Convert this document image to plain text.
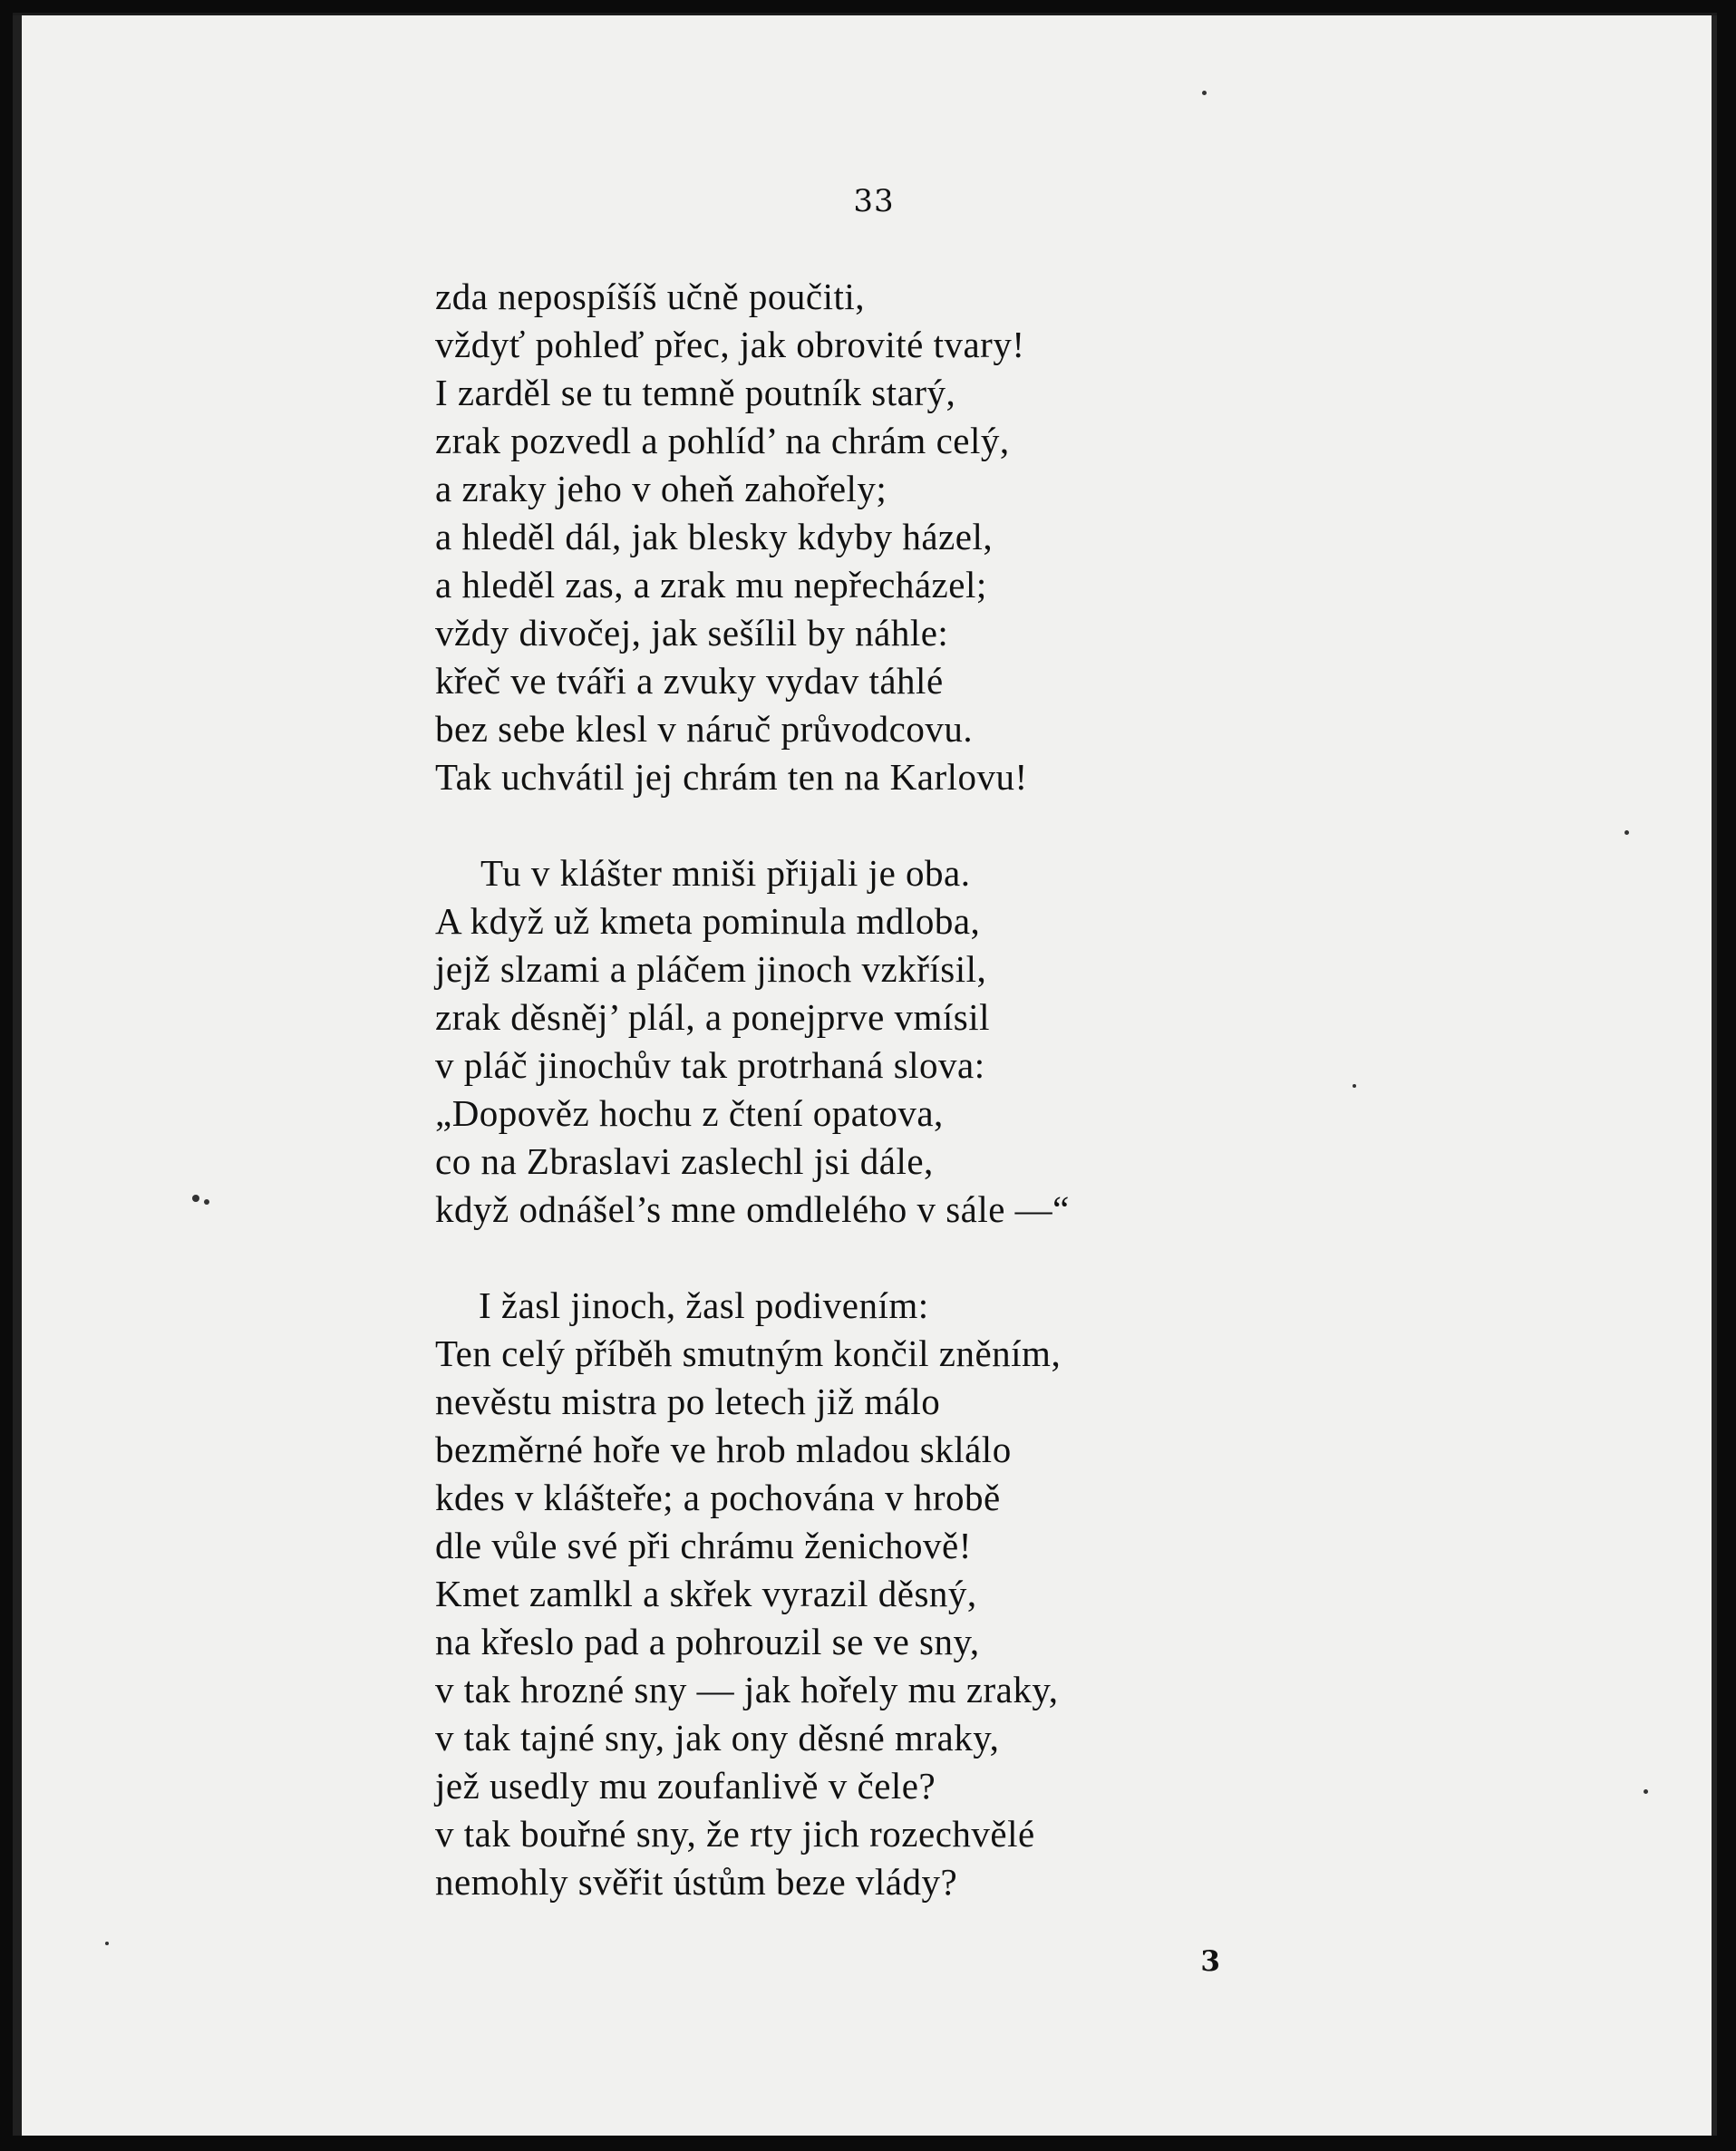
33
zda nepospíšíš učně poučiti,
vždyť pohleď přec, jak obrovité tvary!
I zarděl se tu temně poutník starý,
zrak pozvedl a pohlíd’ na chrám celý,
a zraky jeho v oheň zahořely;
a hleděl dál, jak blesky kdyby házel,
a hleděl zas, a zrak mu nepřecházel;
vždy divočej, jak sešílil by náhle:
křeč ve tváři a zvuky vydav táhlé
bez sebe klesl v náruč průvodcovu.
Tak uchvátil jej chrám ten na Karlovu!
Tu v klášter mniši přijali je oba.
A když už kmeta pominula mdloba,
jejž slzami a pláčem jinoch vzkřísil,
zrak děsněj’ plál, a ponejprve vmísil
v pláč jinochův tak protrhaná slova:
„Dopověz hochu z čtení opatova,
co na Zbraslavi zaslechl jsi dále,
když odnášel’s mne omdlelého v sále —“
I žasl jinoch, žasl podivením:
Ten celý příběh smutným končil zněním,
nevěstu mistra po letech již málo
bezměrné hoře ve hrob mladou sklálo
kdes v klášteře; a pochována v hrobě
dle vůle své při chrámu ženichově!
Kmet zamlkl a skřek vyrazil děsný,
na křeslo pad a pohrouzil se ve sny,
v tak hrozné sny — jak hořely mu zraky,
v tak tajné sny, jak ony děsné mraky,
jež usedly mu zoufanlivě v čele?
v tak bouřné sny, že rty jich rozechvělé
nemohly svěřit ústům beze vlády?
3
